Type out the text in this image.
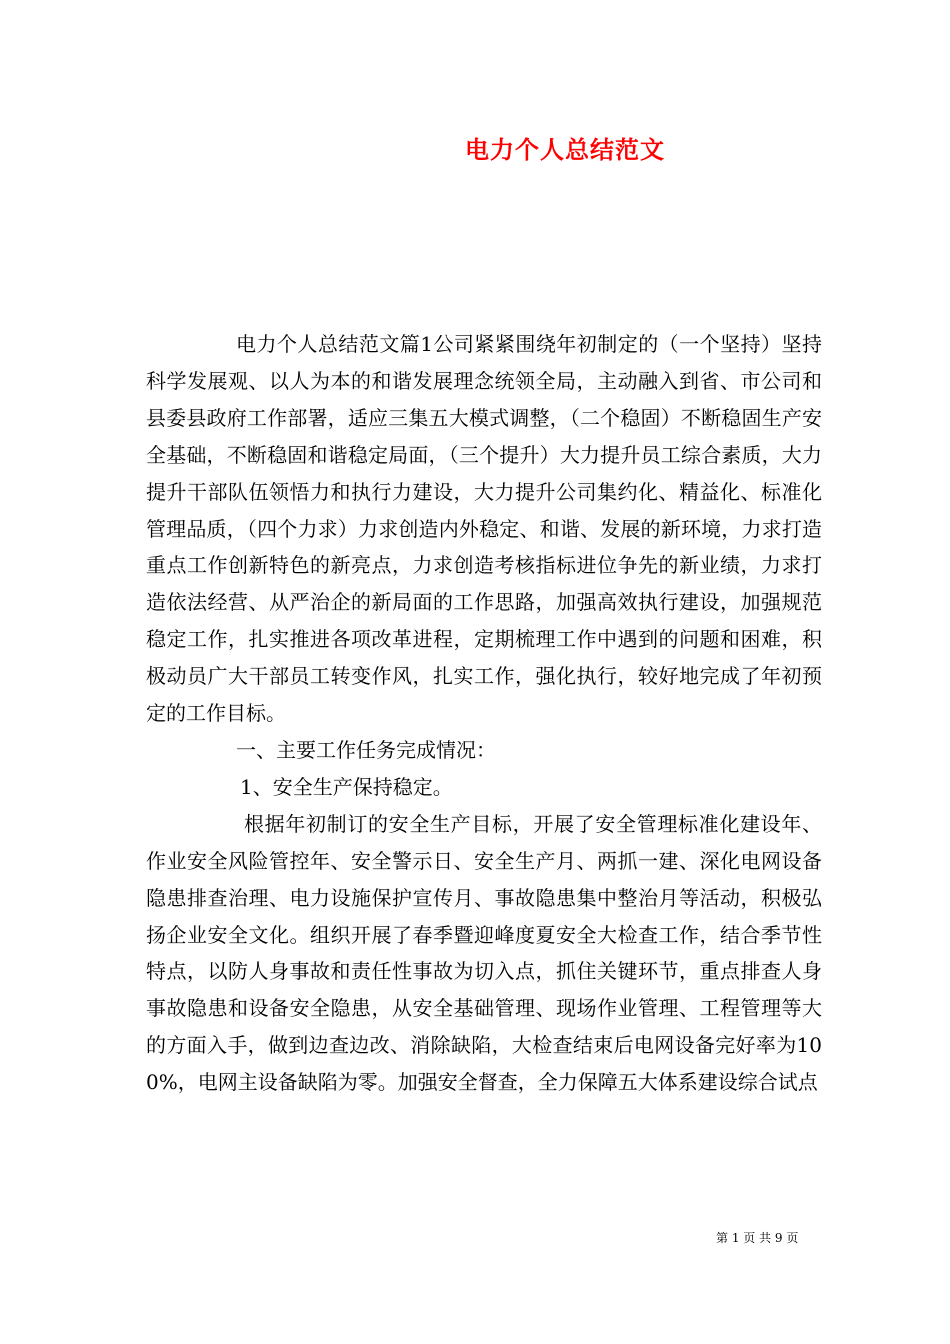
电力个人总结范文

电力个人总结范文篇1公司紧紧围绕年初制定的（一个坚持）坚持科学发展观、以人为本的和谐发展理念统领全局，主动融入到省、市公司和县委县政府工作部署，适应三集五大模式调整，（二个稳固）不断稳固生产安全基础，不断稳固和谐稳定局面，（三个提升）大力提升员工综合素质，大力提升干部队伍领悟力和执行力建设，大力提升公司集约化、精益化、标准化管理品质，（四个力求）力求创造内外稳定、和谐、发展的新环境，力求打造重点工作创新特色的新亮点，力求创造考核指标进位争先的新业绩，力求打造依法经营、从严治企的新局面的工作思路，加强高效执行建设，加强规范稳定工作，扎实推进各项改革进程，定期梳理工作中遇到的问题和困难，积极动员广大干部员工转变作风，扎实工作，强化执行，较好地完成了年初预定的工作目标。

一、主要工作任务完成情况：

1、安全生产保持稳定。

根据年初制订的安全生产目标，开展了安全管理标准化建设年、作业安全风险管控年、安全警示日、安全生产月、两抓一建、深化电网设备隐患排查治理、电力设施保护宣传月、事故隐患集中整治月等活动，积极弘扬企业安全文化。组织开展了春季暨迎峰度夏安全大检查工作，结合季节性特点，以防人身事故和责任性事故为切入点，抓住关键环节，重点排查人身事故隐患和设备安全隐患，从安全基础管理、现场作业管理、工程管理等大的方面入手，做到边查边改、消除缺陷，大检查结束后电网设备完好率为100%，电网主设备缺陷为零。加强安全督查，全力保障五大体系建设综合试点

第 1 页 共 9 页
